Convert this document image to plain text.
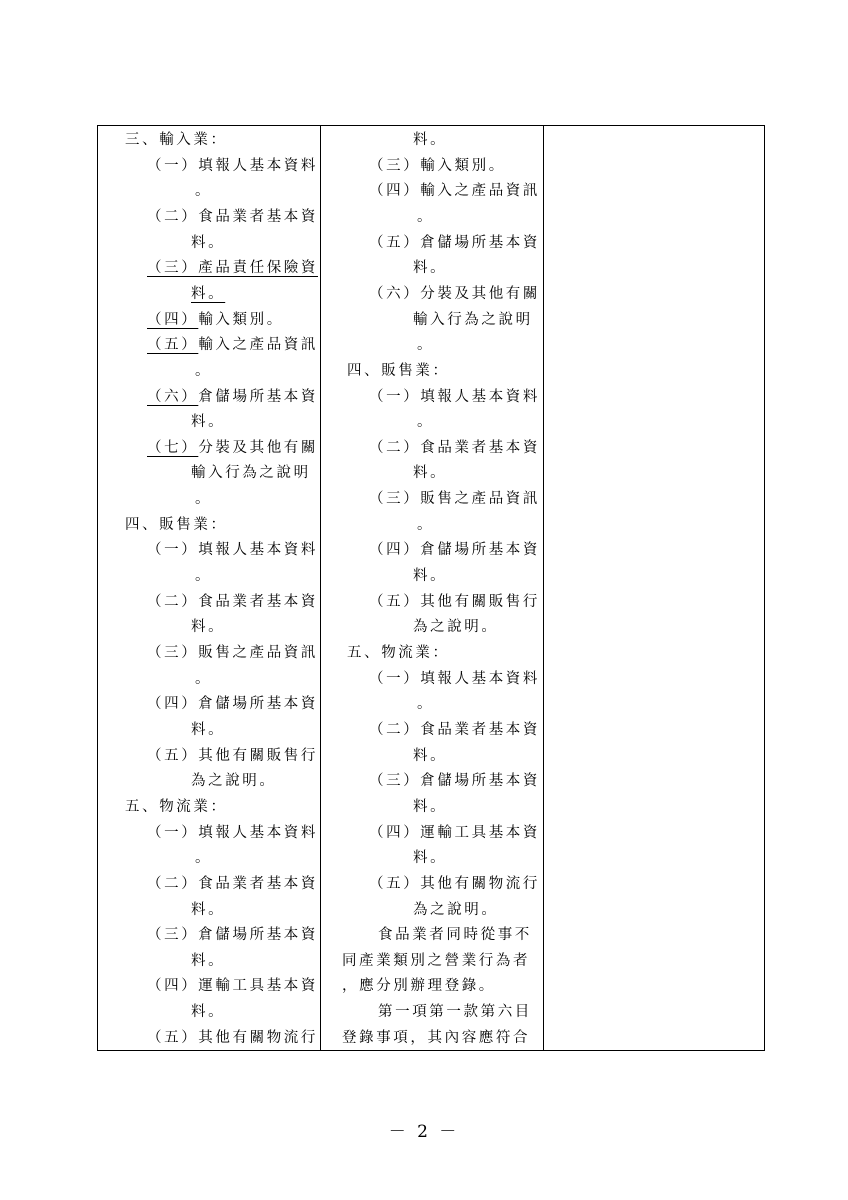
三、輸入業：
（一）填報人基本資料
。
（二）食品業者基本資
料。
（三）產品責任保險資
料。
（四）輸入類別。
（五）輸入之產品資訊
。
（六）倉儲場所基本資
料。
（七）分裝及其他有關
輸入行為之說明
。
四、販售業：
（一）填報人基本資料
。
（二）食品業者基本資
料。
（三）販售之產品資訊
。
（四）倉儲場所基本資
料。
（五）其他有關販售行
為之說明。
五、物流業：
（一）填報人基本資料
。
（二）食品業者基本資
料。
（三）倉儲場所基本資
料。
（四）運輸工具基本資
料。
（五）其他有關物流行
料。
（三）輸入類別。
（四）輸入之產品資訊
。
（五）倉儲場所基本資
料。
（六）分裝及其他有關
輸入行為之說明
。
四、販售業：
（一）填報人基本資料
。
（二）食品業者基本資
料。
（三）販售之產品資訊
。
（四）倉儲場所基本資
料。
（五）其他有關販售行
為之說明。
五、物流業：
（一）填報人基本資料
。
（二）食品業者基本資
料。
（三）倉儲場所基本資
料。
（四）運輸工具基本資
料。
（五）其他有關物流行
為之說明。
食品業者同時從事不
同產業類別之營業行為者
，應分別辦理登錄。
第一項第一款第六目
登錄事項，其內容應符合
－ 2 －
